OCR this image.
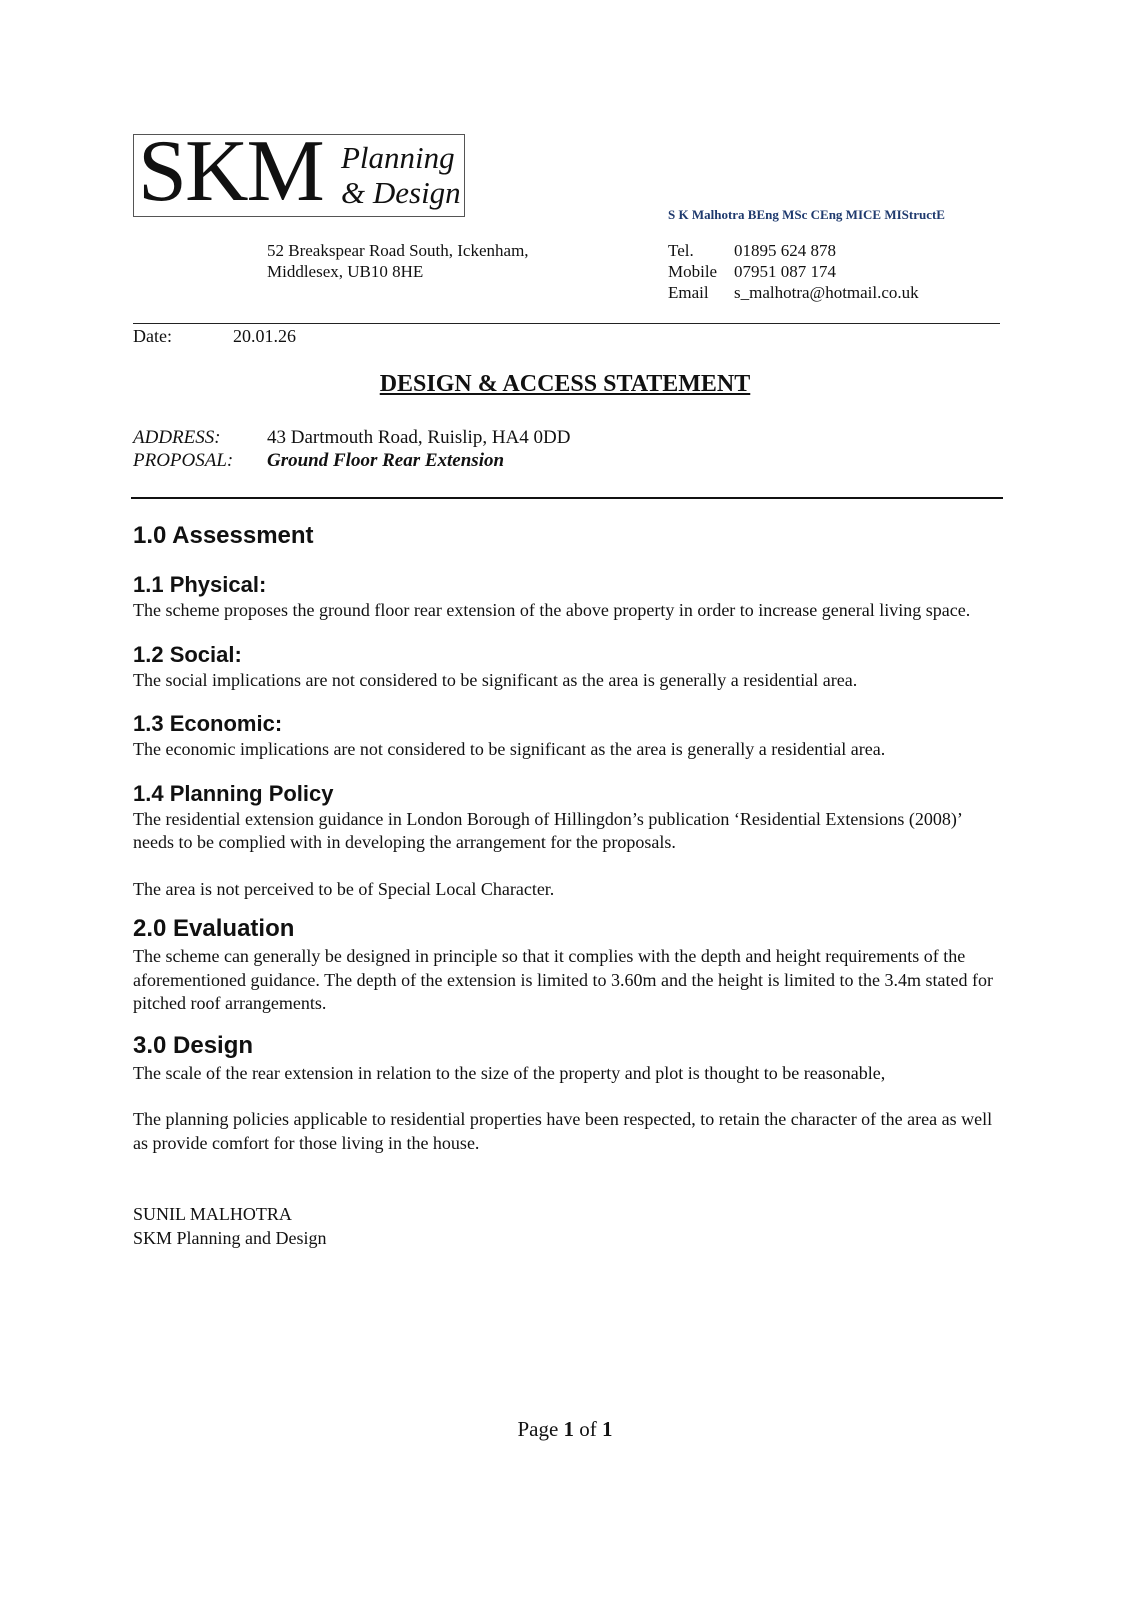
SKM Planning
& Design
S K Malhotra BEng MSc CEng MICE MIStructE
52 Breakspear Road South, Ickenham,
Middlesex, UB10 8HE
Tel.	01895 624 878
Mobile 07951 087 174
Email	s_malhotra@hotmail.co.uk
Date:	20.01.26
DESIGN & ACCESS STATEMENT
ADDRESS:	43 Dartmouth Road, Ruislip, HA4 0DD
PROPOSAL:	Ground Floor Rear Extension
1.0 Assessment
1.1 Physical:

The scheme proposes the ground floor rear extension of the above property in order to increase general living space.

1.2 Social:

The social implications are not considered to be significant as the area is generally a residential area.

1.3 Economic:

The economic implications are not considered to be significant as the area is generally a residential area.

1.4 Planning Policy

The residential extension guidance in London Borough of Hillingdon’s publication ‘Residential Extensions (2008)’ needs to be complied with in developing the arrangement for the proposals.

The area is not perceived to be of Special Local Character.

2.0 Evaluation

The scheme can generally be designed in principle so that it complies with the depth and height requirements of the aforementioned guidance. The depth of the extension is limited to 3.60m and the height is limited to the 3.4m stated for pitched roof arrangements.

3.0 Design

The scale of the rear extension in relation to the size of the property and plot is thought to be reasonable,

The planning policies applicable to residential properties have been respected, to retain the character of the area as well as provide comfort for those living in the house.

SUNIL MALHOTRA
SKM Planning and Design
Page 1 of 1
